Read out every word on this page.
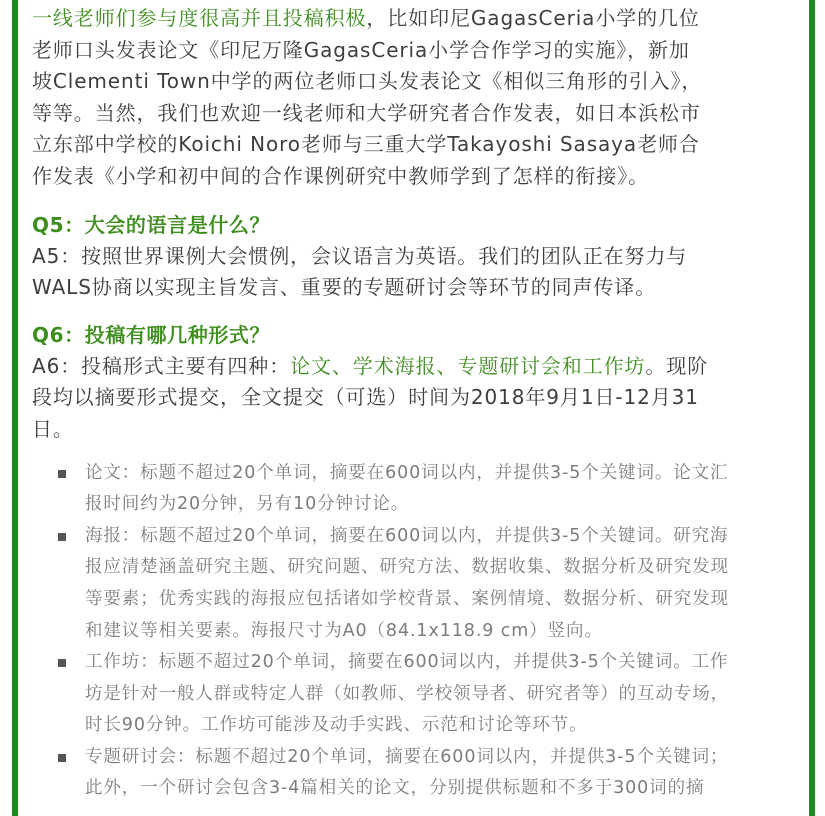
一线老师们参与度很高并且投稿积极，比如印尼GagasCeria小学的几位
老师口头发表论文《印尼万隆GagasCeria小学合作学习的实施》，新加
坡Clementi Town中学的两位老师口头发表论文《相似三角形的引入》，
等等。当然，我们也欢迎一线老师和大学研究者合作发表，如日本浜松市
立东部中学校的Koichi Noro老师与三重大学Takayoshi Sasaya老师合
作发表《小学和初中间的合作课例研究中教师学到了怎样的衔接》。

Q5：大会的语言是什么？

A5：按照世界课例大会惯例，会议语言为英语。我们的团队正在努力与
WALS协商以实现主旨发言、重要的专题研讨会等环节的同声传译。

Q6：投稿有哪几种形式？

A6：投稿形式主要有四种：论文、学术海报、专题研讨会和工作坊。现阶
段均以摘要形式提交，全文提交（可选）时间为2018年9月1日-12月31
日。

论文：标题不超过20个单词，摘要在600词以内，并提供3-5个关键词。论文汇
报时间约为20分钟，另有10分钟讨论。
海报：标题不超过20个单词，摘要在600词以内，并提供3-5个关键词。研究海
报应清楚涵盖研究主题、研究问题、研究方法、数据收集、数据分析及研究发现
等要素；优秀实践的海报应包括诸如学校背景、案例情境、数据分析、研究发现
和建议等相关要素。海报尺寸为A0（84.1x118.9 cm）竖向。
工作坊：标题不超过20个单词，摘要在600词以内，并提供3-5个关键词。工作
坊是针对一般人群或特定人群（如教师、学校领导者、研究者等）的互动专场，
时长90分钟。工作坊可能涉及动手实践、示范和讨论等环节。
专题研讨会：标题不超过20个单词，摘要在600词以内，并提供3-5个关键词；
此外，一个研讨会包含3-4篇相关的论文，分别提供标题和不多于300词的摘
